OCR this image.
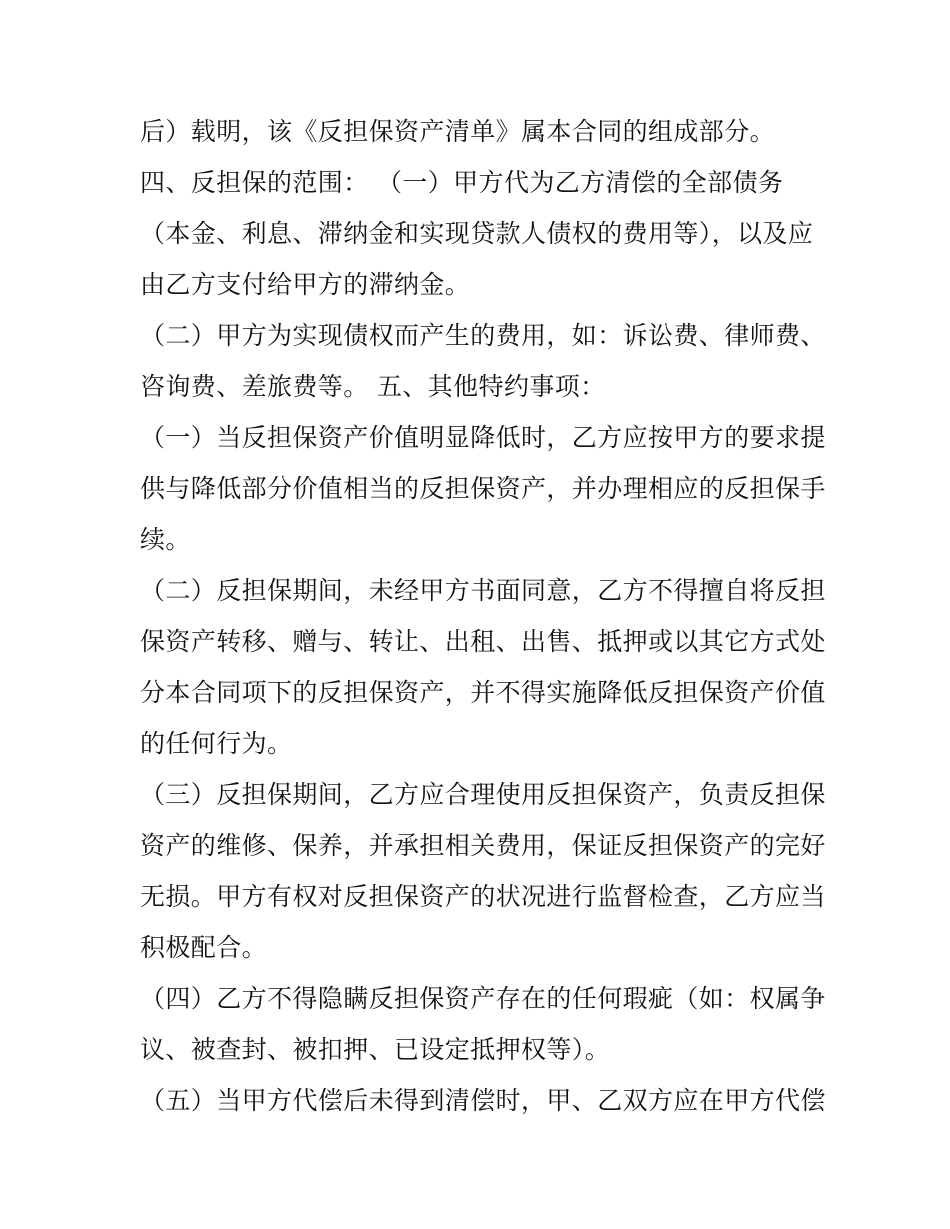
后）载明，该《反担保资产清单》属本合同的组成部分。
四、反担保的范围： （一）甲方代为乙方清偿的全部债务
（本金、利息、滞纳金和实现贷款人债权的费用等），以及应
由乙方支付给甲方的滞纳金。
（二）甲方为实现债权而产生的费用，如：诉讼费、律师费、
咨询费、差旅费等。 五、其他特约事项：
（一）当反担保资产价值明显降低时，乙方应按甲方的要求提
供与降低部分价值相当的反担保资产，并办理相应的反担保手
续。
（二）反担保期间，未经甲方书面同意，乙方不得擅自将反担
保资产转移、赠与、转让、出租、出售、抵押或以其它方式处
分本合同项下的反担保资产，并不得实施降低反担保资产价值
的任何行为。
（三）反担保期间，乙方应合理使用反担保资产，负责反担保
资产的维修、保养，并承担相关费用，保证反担保资产的完好
无损。甲方有权对反担保资产的状况进行监督检查，乙方应当
积极配合。
（四）乙方不得隐瞒反担保资产存在的任何瑕疵（如：权属争
议、被查封、被扣押、已设定抵押权等）。
（五）当甲方代偿后未得到清偿时，甲、乙双方应在甲方代偿
